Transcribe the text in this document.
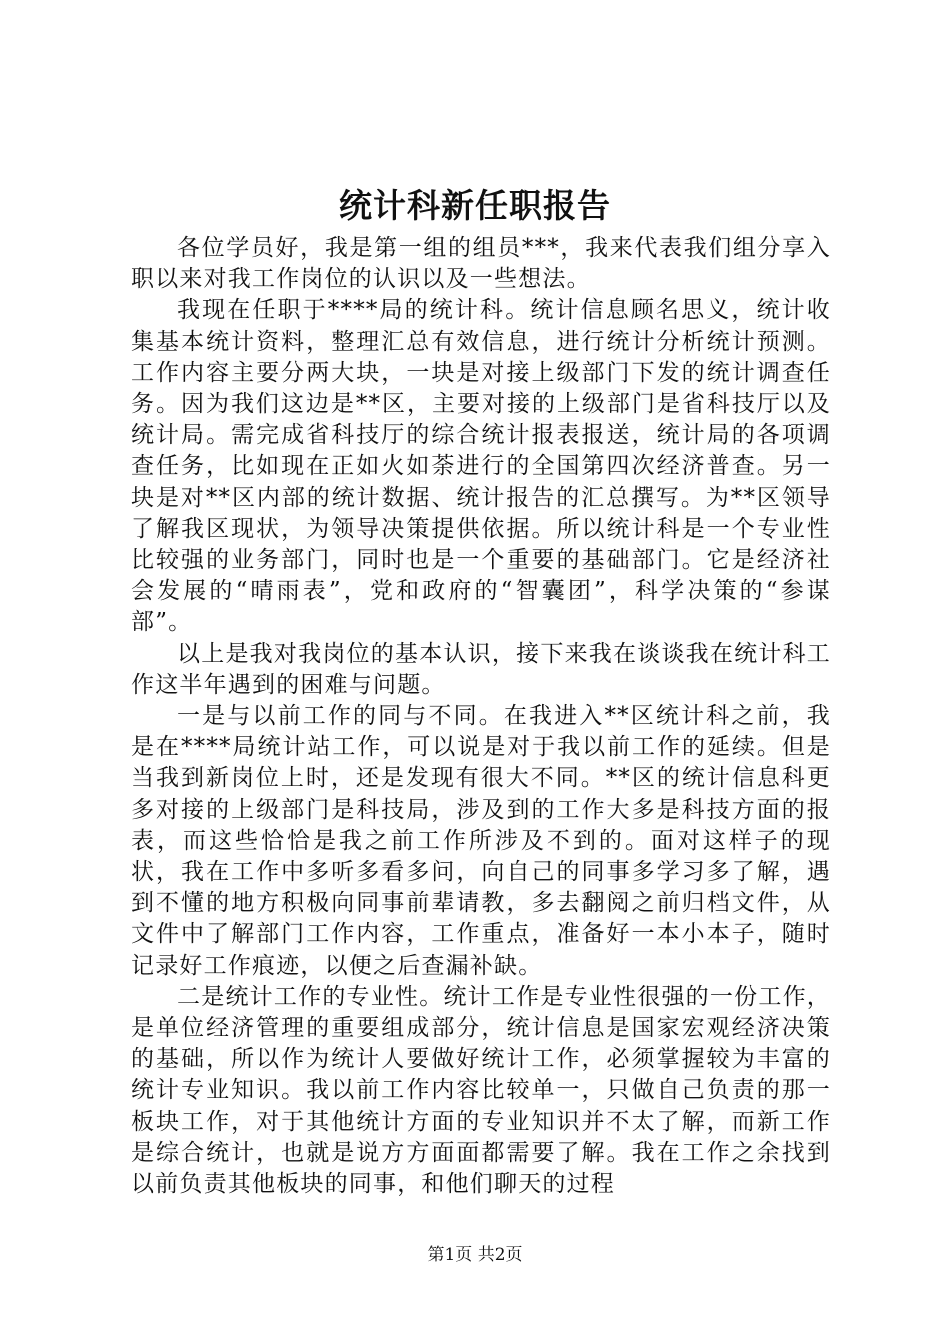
统计科新任职报告

各位学员好，我是第一组的组员***，我来代表我们组分享入职以来对我工作岗位的认识以及一些想法。

我现在任职于****局的统计科。统计信息顾名思义，统计收集基本统计资料，整理汇总有效信息，进行统计分析统计预测。工作内容主要分两大块，一块是对接上级部门下发的统计调查任务。因为我们这边是**区，主要对接的上级部门是省科技厅以及统计局。需完成省科技厅的综合统计报表报送，统计局的各项调查任务，比如现在正如火如荼进行的全国第四次经济普查。另一块是对**区内部的统计数据、统计报告的汇总撰写。为**区领导了解我区现状，为领导决策提供依据。所以统计科是一个专业性比较强的业务部门，同时也是一个重要的基础部门。它是经济社会发展的“晴雨表”，党和政府的“智囊团”，科学决策的“参谋部”。

以上是我对我岗位的基本认识，接下来我在谈谈我在统计科工作这半年遇到的困难与问题。

一是与以前工作的同与不同。在我进入**区统计科之前，我是在****局统计站工作，可以说是对于我以前工作的延续。但是当我到新岗位上时，还是发现有很大不同。**区的统计信息科更多对接的上级部门是科技局，涉及到的工作大多是科技方面的报表，而这些恰恰是我之前工作所涉及不到的。面对这样子的现状，我在工作中多听多看多问，向自己的同事多学习多了解，遇到不懂的地方积极向同事前辈请教，多去翻阅之前归档文件，从文件中了解部门工作内容，工作重点，准备好一本小本子，随时记录好工作痕迹，以便之后查漏补缺。

二是统计工作的专业性。统计工作是专业性很强的一份工作，是单位经济管理的重要组成部分，统计信息是国家宏观经济决策的基础，所以作为统计人要做好统计工作，必须掌握较为丰富的统计专业知识。我以前工作内容比较单一，只做自己负责的那一板块工作，对于其他统计方面的专业知识并不太了解，而新工作是综合统计，也就是说方方面面都需要了解。我在工作之余找到以前负责其他板块的同事，和他们聊天的过程

第1页 共2页
